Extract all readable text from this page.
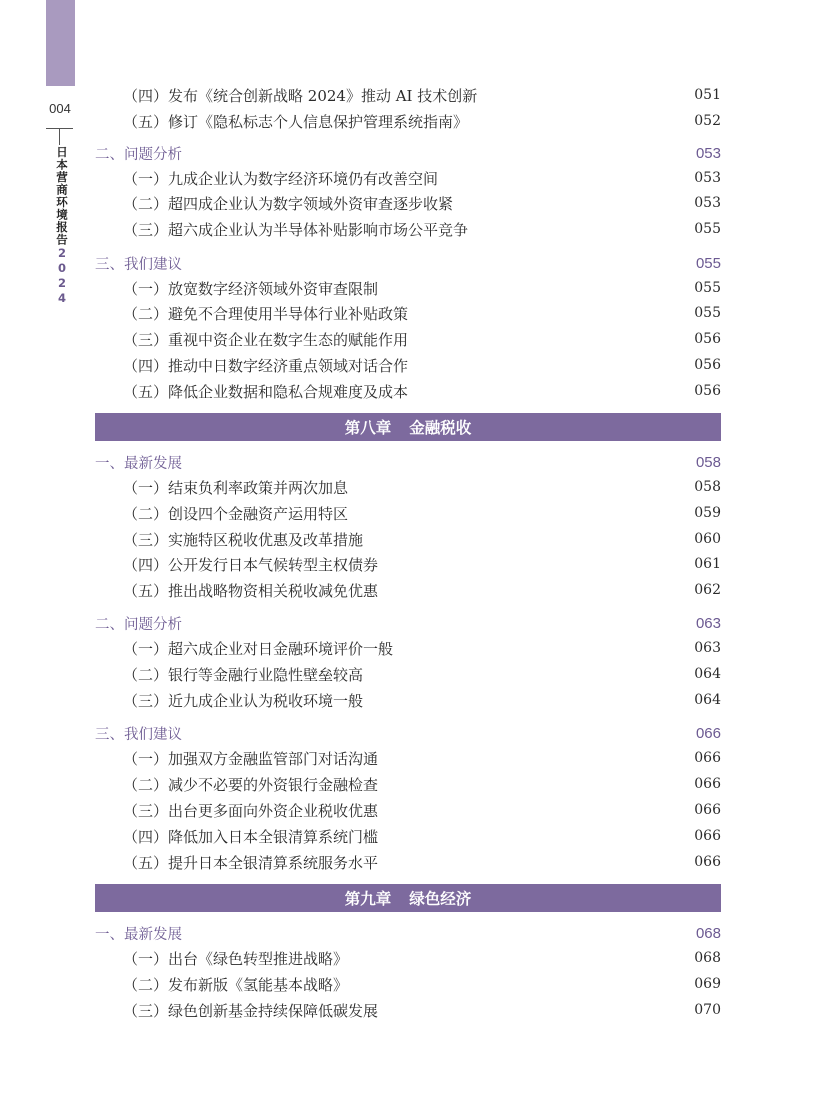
004
日本营商环境报告2024
（四）发布《统合创新战略 2024》推动 AI 技术创新	051
（五）修订《隐私标志个人信息保护管理系统指南》	052
二、问题分析	053
（一）九成企业认为数字经济环境仍有改善空间	053
（二）超四成企业认为数字领域外资审查逐步收紧	053
（三）超六成企业认为半导体补贴影响市场公平竞争	055
三、我们建议	055
（一）放宽数字经济领域外资审查限制	055
（二）避免不合理使用半导体行业补贴政策	055
（三）重视中资企业在数字生态的赋能作用	056
（四）推动中日数字经济重点领域对话合作	056
（五）降低企业数据和隐私合规难度及成本	056
第八章 金融税收
一、最新发展	058
（一）结束负利率政策并两次加息	058
（二）创设四个金融资产运用特区	059
（三）实施特区税收优惠及改革措施	060
（四）公开发行日本气候转型主权债券	061
（五）推出战略物资相关税收减免优惠	062
二、问题分析	063
（一）超六成企业对日金融环境评价一般	063
（二）银行等金融行业隐性壁垒较高	064
（三）近九成企业认为税收环境一般	064
三、我们建议	066
（一）加强双方金融监管部门对话沟通	066
（二）减少不必要的外资银行金融检查	066
（三）出台更多面向外资企业税收优惠	066
（四）降低加入日本全银清算系统门槛	066
（五）提升日本全银清算系统服务水平	066
第九章 绿色经济
一、最新发展	068
（一）出台《绿色转型推进战略》	068
（二）发布新版《氢能基本战略》	069
（三）绿色创新基金持续保障低碳发展	070
